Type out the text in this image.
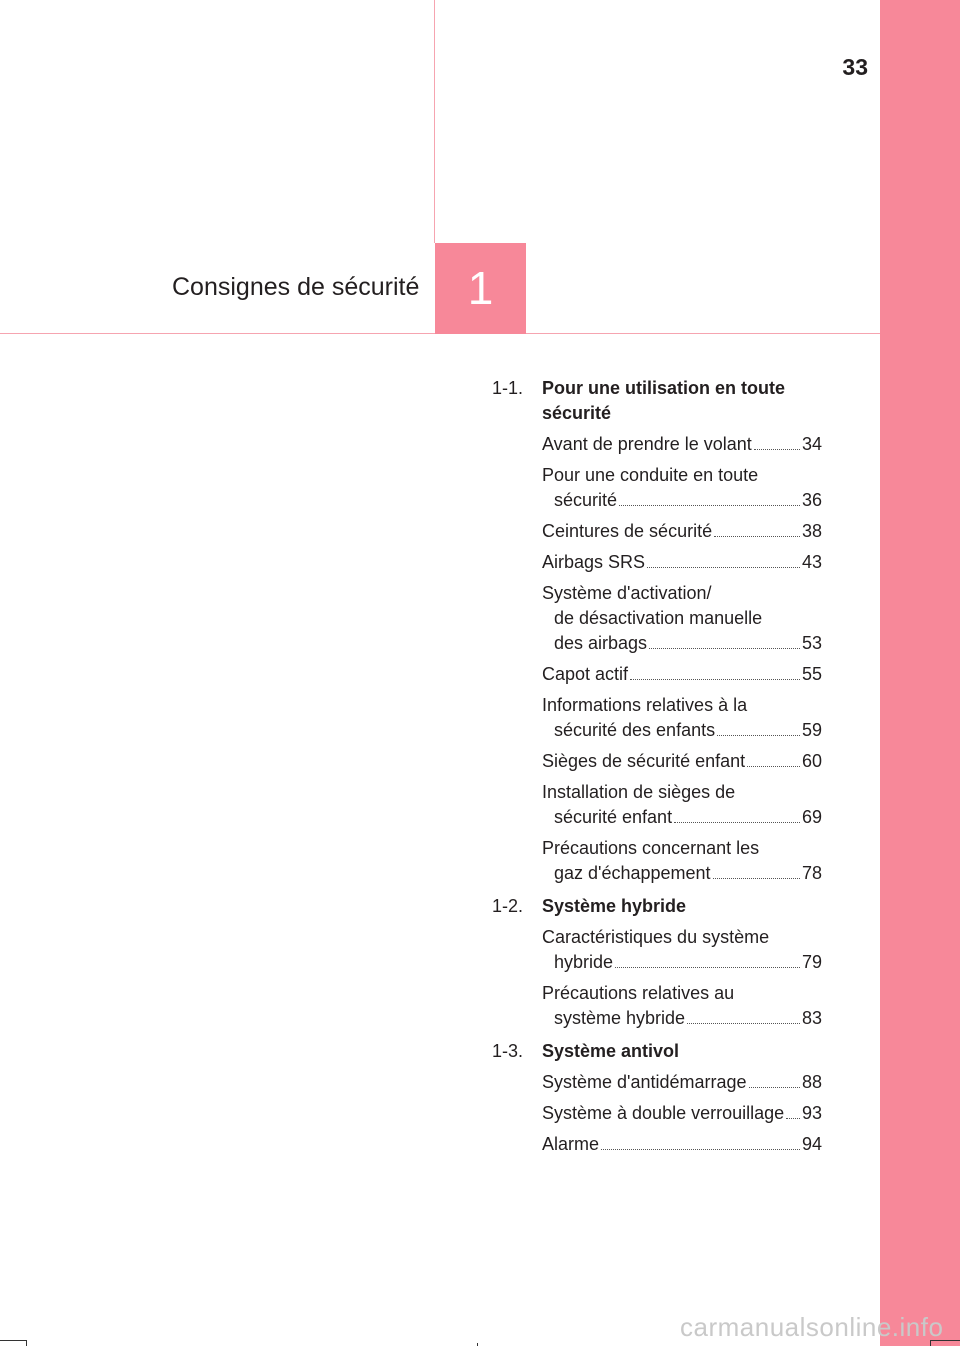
33
Consignes de sécurité	1
1-1. Pour une utilisation en toute
sécurité
Avant de prendre le volant	34
Pour une conduite en toute
sécurité	36
Ceintures de sécurité	38
Airbags SRS	43
Système d'activation/
de désactivation manuelle
des airbags	53
Capot actif	55
Informations relatives à la
sécurité des enfants	59
Sièges de sécurité enfant	60
Installation de sièges de
sécurité enfant	69
Précautions concernant les
gaz d'échappement	78
1-2. Système hybride
Caractéristiques du système
hybride	79
Précautions relatives au
système hybride	83
1-3. Système antivol
Système d'antidémarrage	88
Système à double verrouillage 93
Alarme	94
carmanualsonline.info
